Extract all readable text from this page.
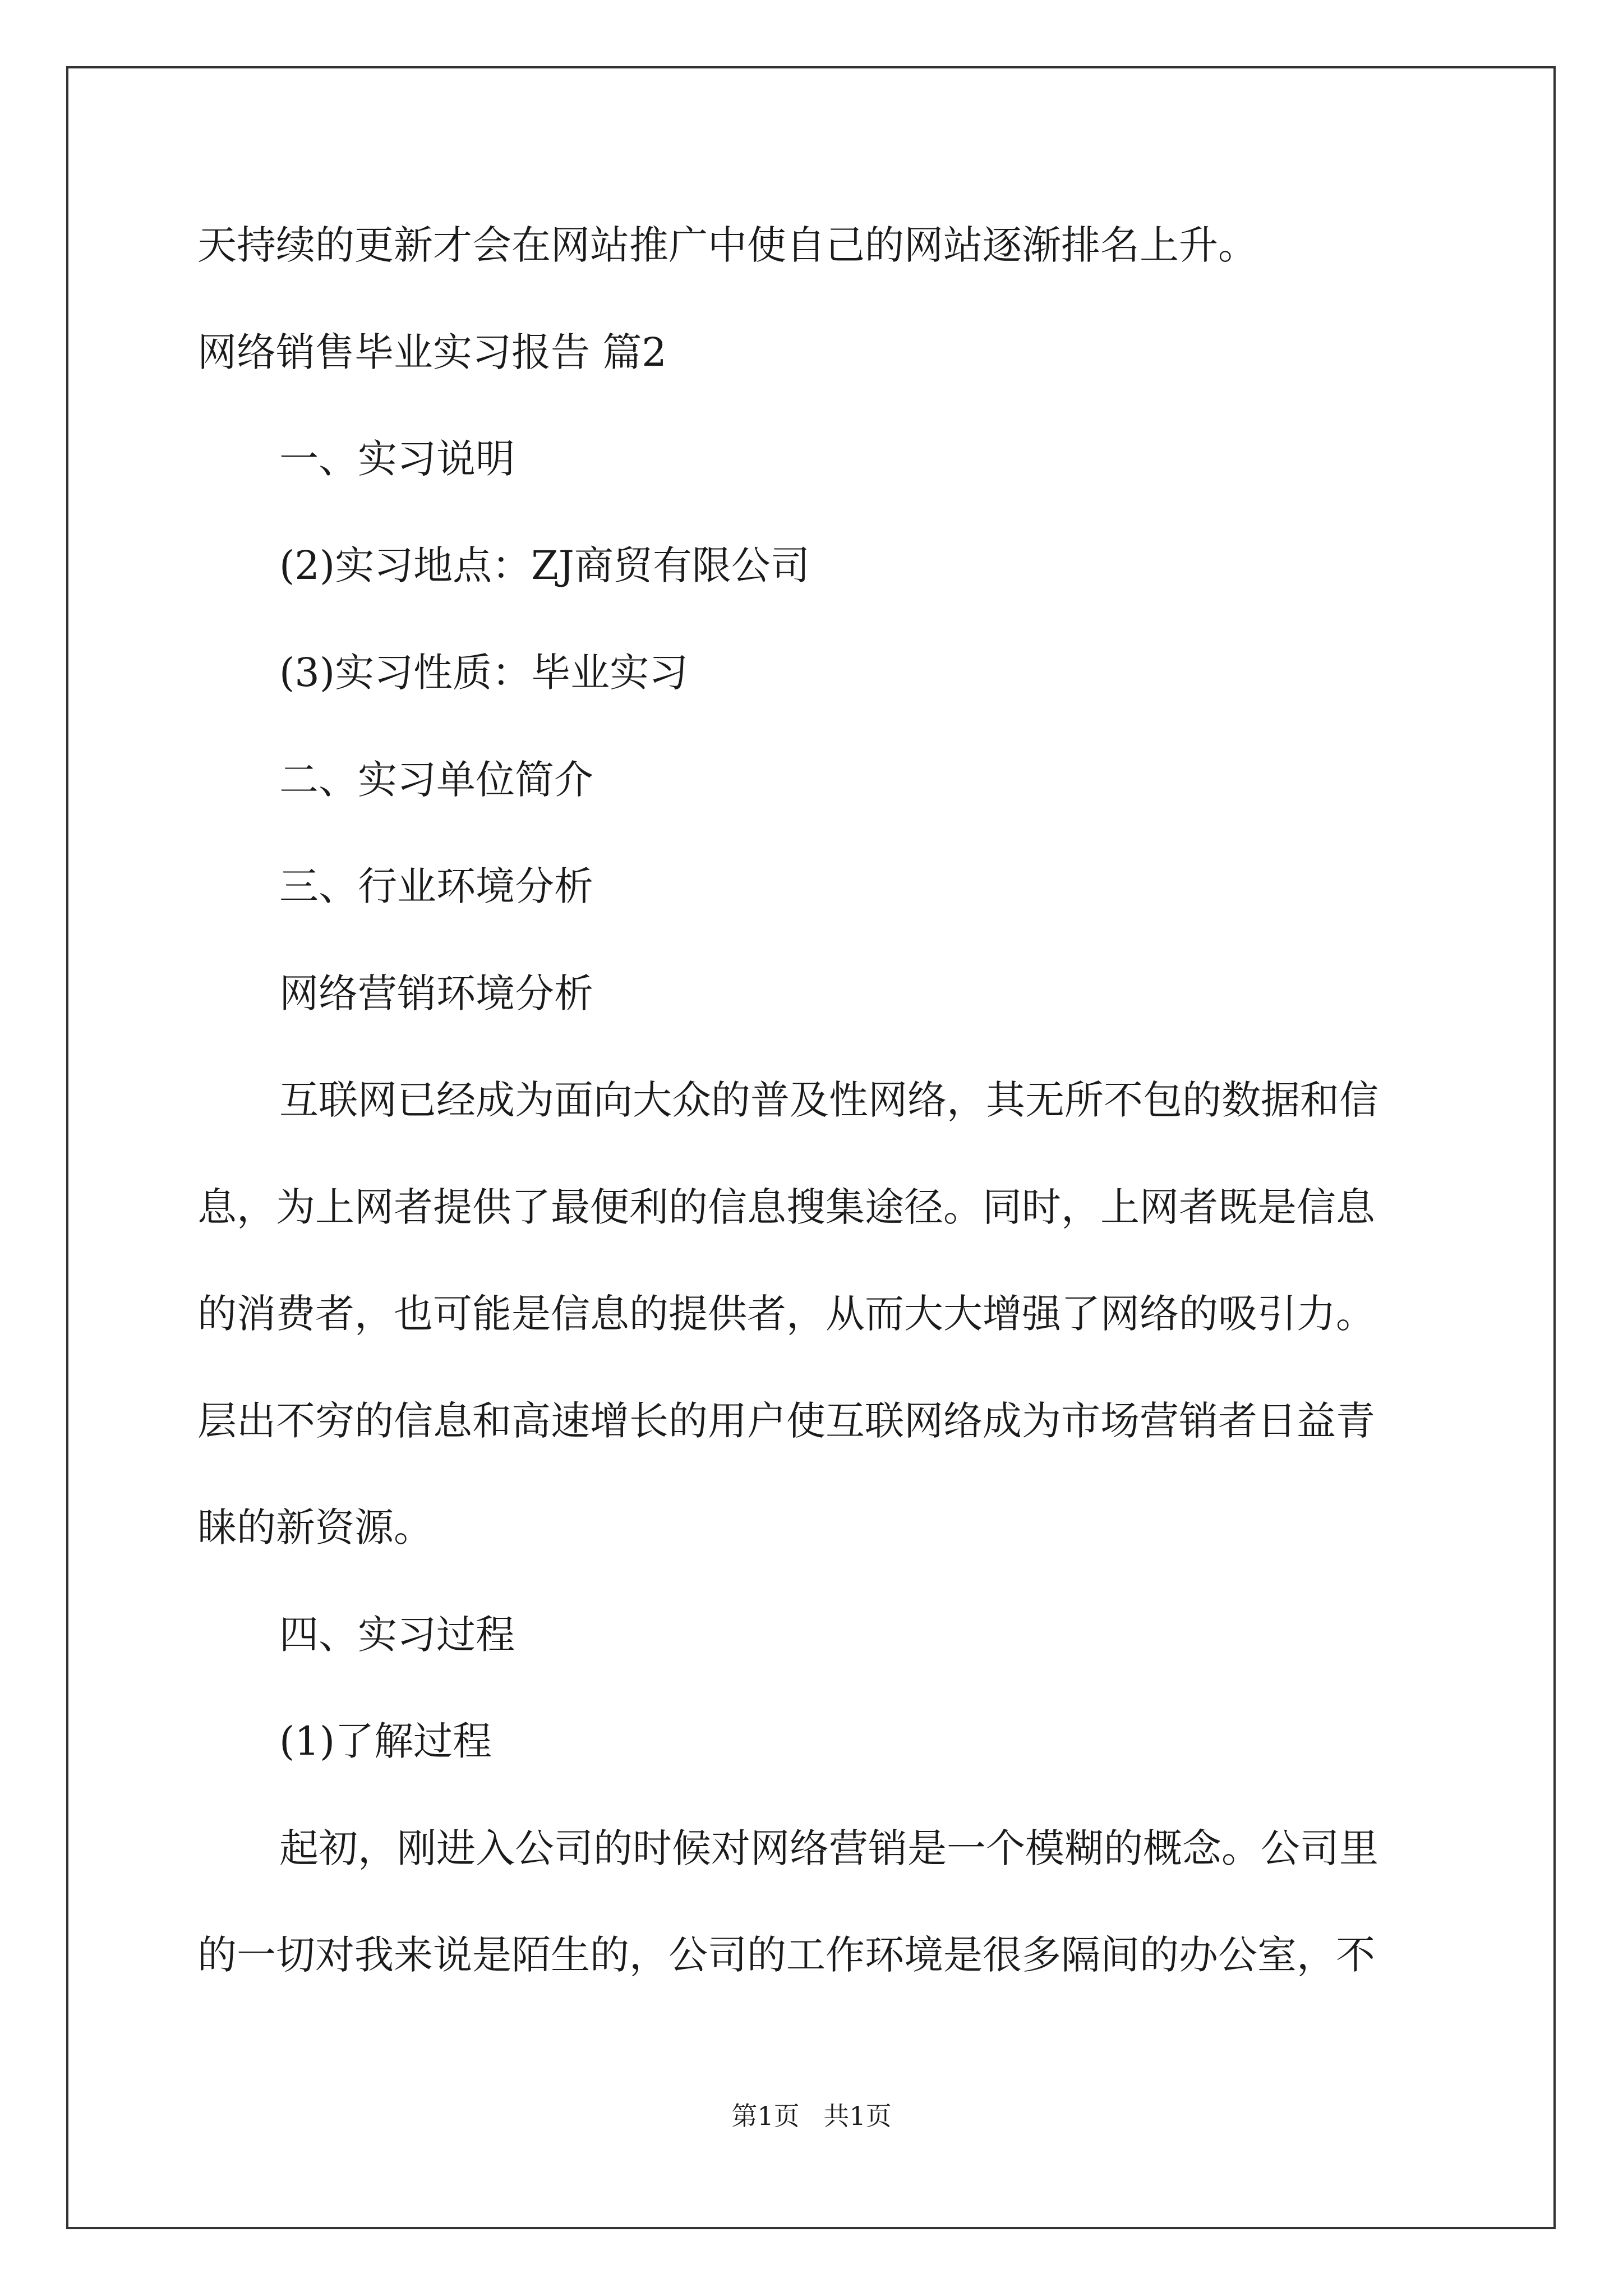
天持续的更新才会在网站推广中使自己的网站逐渐排名上升。

网络销售毕业实习报告 篇2

一、实习说明

(2)实习地点：ZJ商贸有限公司

(3)实习性质：毕业实习

二、实习单位简介

三、行业环境分析

网络营销环境分析

互联网已经成为面向大众的普及性网络，其无所不包的数据和信

息，为上网者提供了最便利的信息搜集途径。同时，上网者既是信息

的消费者，也可能是信息的提供者，从而大大增强了网络的吸引力。

层出不穷的信息和高速增长的用户使互联网络成为市场营销者日益青

睐的新资源。

四、实习过程

(1)了解过程

起初，刚进入公司的时候对网络营销是一个模糊的概念。公司里

的一切对我来说是陌生的，公司的工作环境是很多隔间的办公室，不

第1页 共1页
